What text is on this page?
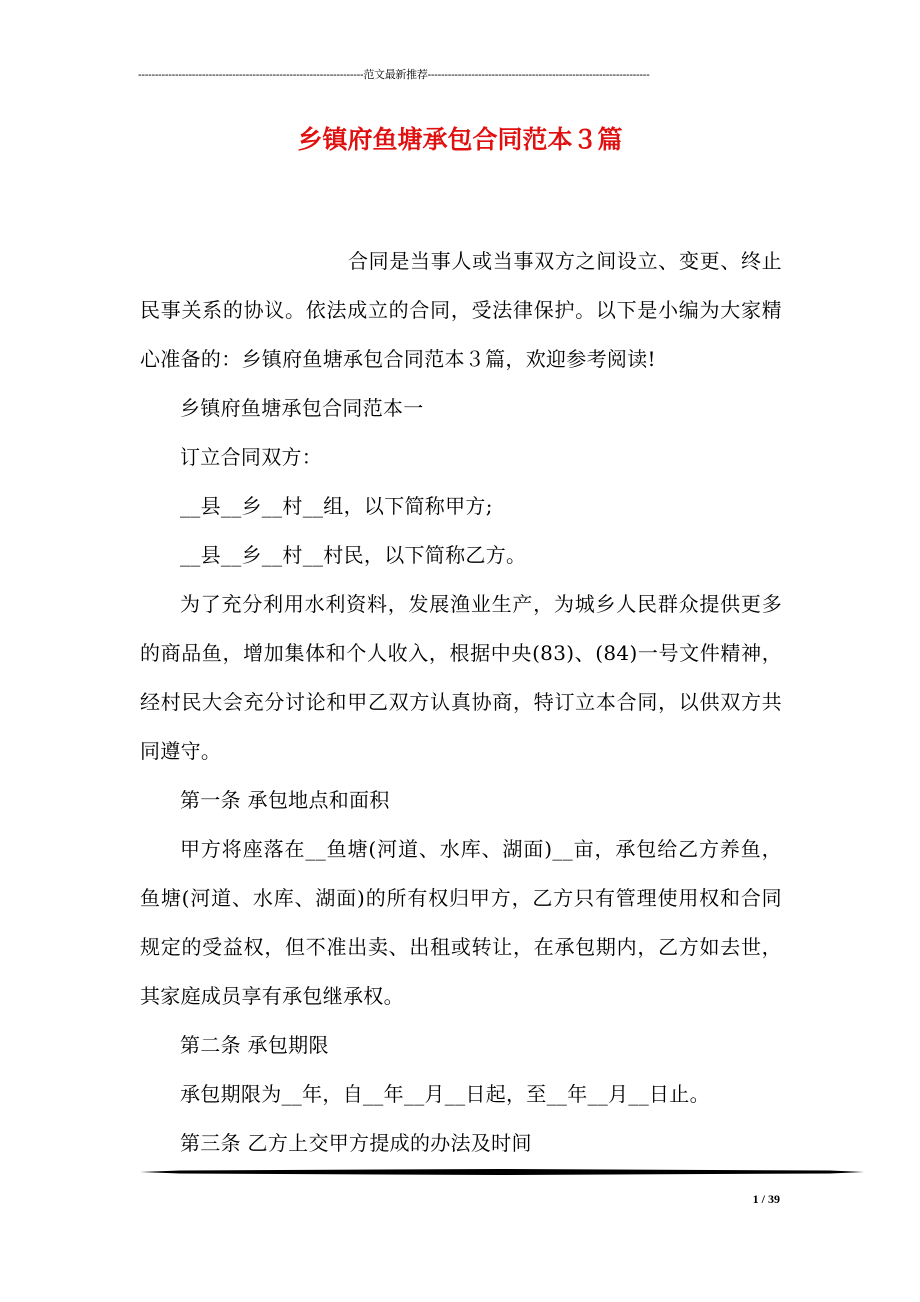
-------------------------------------------------------------------范文最新推荐------------------------------------------------------------------
乡镇府鱼塘承包合同范本３篇

合同是当事人或当事双方之间设立、变更、终止民事关系的协议。依法成立的合同，受法律保护。以下是小编为大家精心准备的：乡镇府鱼塘承包合同范本３篇，欢迎参考阅读!

乡镇府鱼塘承包合同范本一

订立合同双方：

__县__乡__村__组，以下简称甲方;

__县__乡__村__村民，以下简称乙方。

为了充分利用水利资料，发展渔业生产，为城乡人民群众提供更多的商品鱼，增加集体和个人收入，根据中央(83)、(84)一号文件精神，经村民大会充分讨论和甲乙双方认真协商，特订立本合同，以供双方共同遵守。

第一条 承包地点和面积

甲方将座落在__鱼塘(河道、水库、湖面)__亩，承包给乙方养鱼，鱼塘(河道、水库、湖面)的所有权归甲方，乙方只有管理使用权和合同规定的受益权，但不准出卖、出租或转让，在承包期内，乙方如去世，其家庭成员享有承包继承权。

第二条 承包期限

承包期限为__年，自__年__月__日起，至__年__月__日止。

第三条 乙方上交甲方提成的办法及时间

1 / 39
